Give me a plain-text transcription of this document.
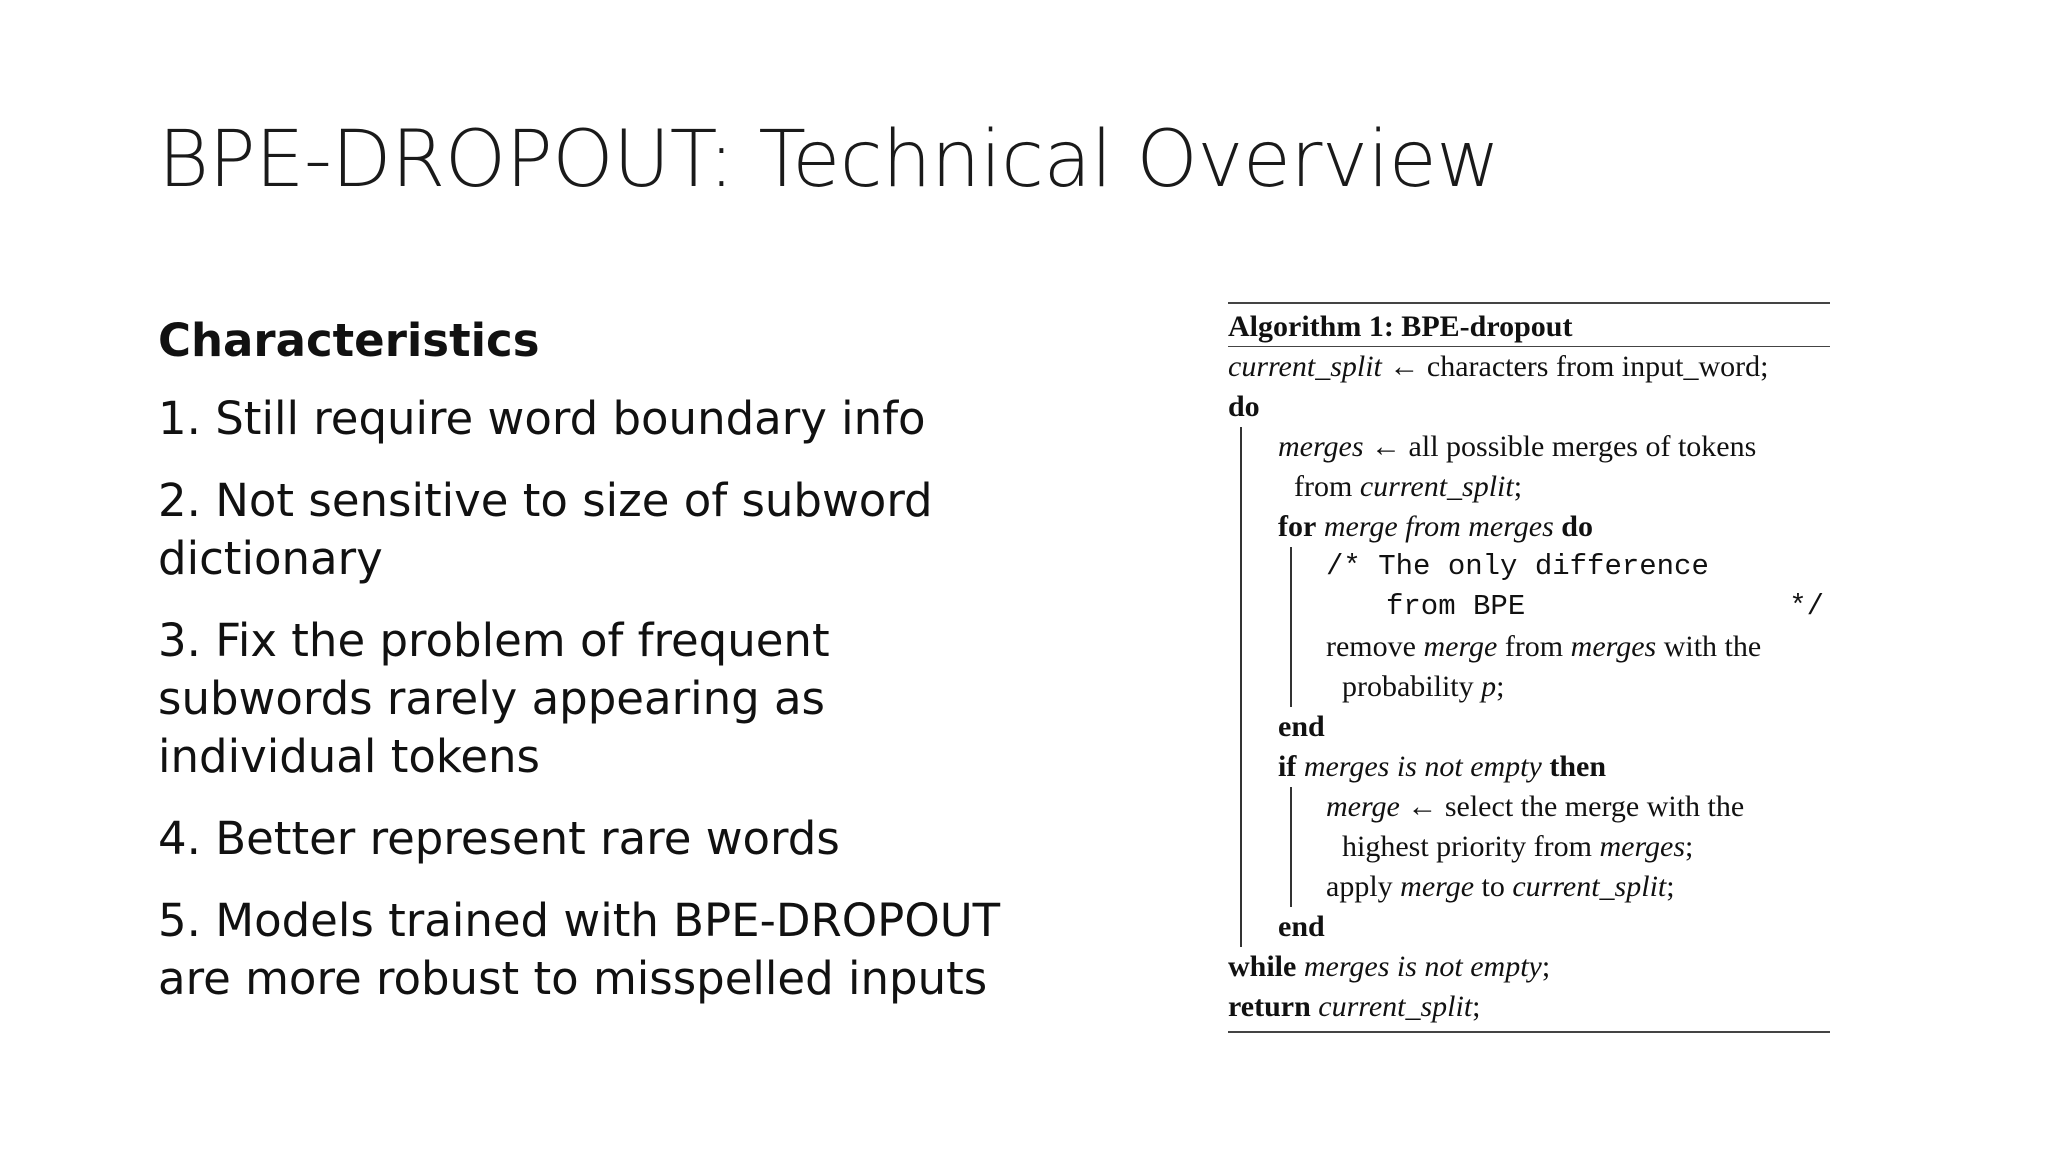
BPE-DROPOUT: Technical Overview
Characteristics
1. Still require word boundary info
2. Not sensitive to size of subword dictionary
3. Fix the problem of frequent subwords rarely appearing as individual tokens
4. Better represent rare words
5. Models trained with BPE-DROPOUT are more robust to misspelled inputs
Algorithm 1: BPE-dropout
current_split ← characters from input_word;
do
merges ← all possible merges of tokens
from current_split;
for merge from merges do
/* The only difference
from BPE	*/
remove merge from merges with the
probability p;
end
if merges is not empty then
merge ← select the merge with the
highest priority from merges;
apply merge to current_split;
end
while merges is not empty;
return current_split;
